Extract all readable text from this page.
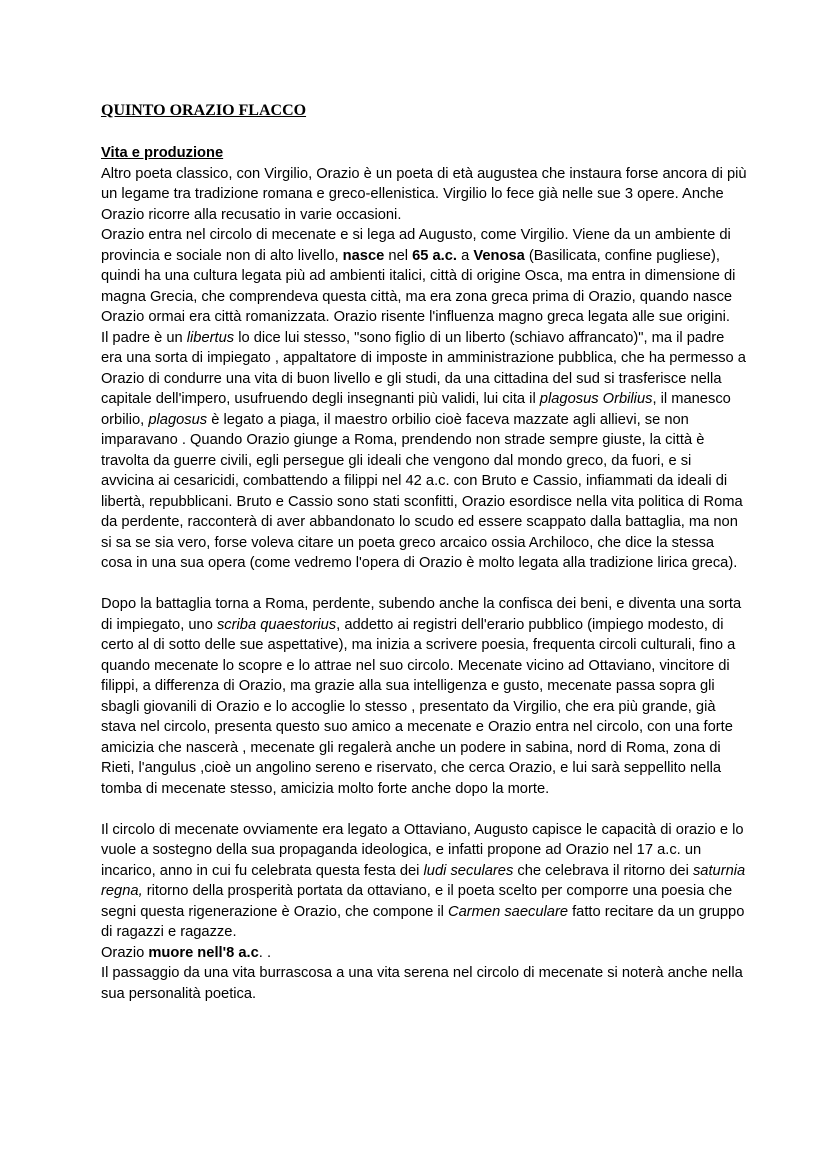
QUINTO ORAZIO FLACCO
Vita e produzione

Altro poeta classico, con Virgilio, Orazio è un poeta di età augustea che instaura forse ancora di più un legame tra tradizione romana e greco-ellenistica. Virgilio lo fece già nelle sue 3 opere. Anche Orazio ricorre alla recusatio in varie occasioni.

Orazio entra nel circolo di mecenate e si lega ad Augusto, come Virgilio. Viene da un ambiente di provincia e sociale non di alto livello, nasce nel 65 a.c. a Venosa (Basilicata, confine pugliese), quindi ha una cultura legata più ad ambienti italici, città di origine Osca, ma entra in dimensione di magna Grecia, che comprendeva questa città, ma era zona greca prima di Orazio, quando nasce Orazio ormai era città romanizzata. Orazio risente l'influenza magno greca legata alle sue origini.

Il padre è un libertus lo dice lui stesso, "sono figlio di un liberto (schiavo affrancato)", ma il padre era una sorta di impiegato , appaltatore di imposte in amministrazione pubblica, che ha permesso a Orazio di condurre una vita di buon livello e gli studi, da una cittadina del sud si trasferisce nella capitale dell'impero, usufruendo degli insegnanti più validi, lui cita il plagosus Orbilius, il manesco orbilio, plagosus è legato a piaga, il maestro orbilio cioè faceva mazzate agli allievi, se non imparavano . Quando Orazio giunge a Roma, prendendo non strade sempre giuste, la città è travolta da guerre civili, egli persegue gli ideali che vengono dal mondo greco, da fuori, e si avvicina ai cesaricidi, combattendo a filippi nel 42 a.c. con Bruto e Cassio, infiammati da ideali di libertà, repubblicani. Bruto e Cassio sono stati sconfitti, Orazio esordisce nella vita politica di Roma da perdente, racconterà di aver abbandonato lo scudo ed essere scappato dalla battaglia, ma non si sa se sia vero, forse voleva citare un poeta greco arcaico ossia Archiloco, che dice la stessa cosa in una sua opera (come vedremo l'opera di Orazio è molto legata alla tradizione lirica greca).

Dopo la battaglia torna a Roma, perdente, subendo anche la confisca dei beni, e diventa una sorta di impiegato, uno scriba quaestorius, addetto ai registri dell'erario pubblico (impiego modesto, di certo al di sotto delle sue aspettative), ma inizia a scrivere poesia, frequenta circoli culturali, fino a quando mecenate lo scopre e lo attrae nel suo circolo. Mecenate vicino ad Ottaviano, vincitore di filippi, a differenza di Orazio, ma grazie alla sua intelligenza e gusto, mecenate passa sopra gli sbagli giovanili di Orazio e lo accoglie lo stesso , presentato da Virgilio, che era più grande, già stava nel circolo, presenta questo suo amico a mecenate e Orazio entra nel circolo, con una forte amicizia che nascerà , mecenate gli regalerà anche un podere in sabina, nord di Roma, zona di Rieti, l'angulus ,cioè un angolino sereno e riservato, che cerca Orazio, e lui sarà seppellito nella tomba di mecenate stesso, amicizia molto forte anche dopo la morte.

Il circolo di mecenate ovviamente era legato a Ottaviano, Augusto capisce le capacità di orazio e lo vuole a sostegno della sua propaganda ideologica, e infatti propone ad Orazio nel 17 a.c. un incarico, anno in cui fu celebrata questa festa dei ludi seculares che celebrava il ritorno dei saturnia regna, ritorno della prosperità portata da ottaviano, e il poeta scelto per comporre una poesia che segni questa rigenerazione è Orazio, che compone il Carmen saeculare fatto recitare da un gruppo di ragazzi e ragazze.

Orazio muore nell'8 a.c. .

Il passaggio da una vita burrascosa a una vita serena nel circolo di mecenate si noterà anche nella sua personalità poetica.
